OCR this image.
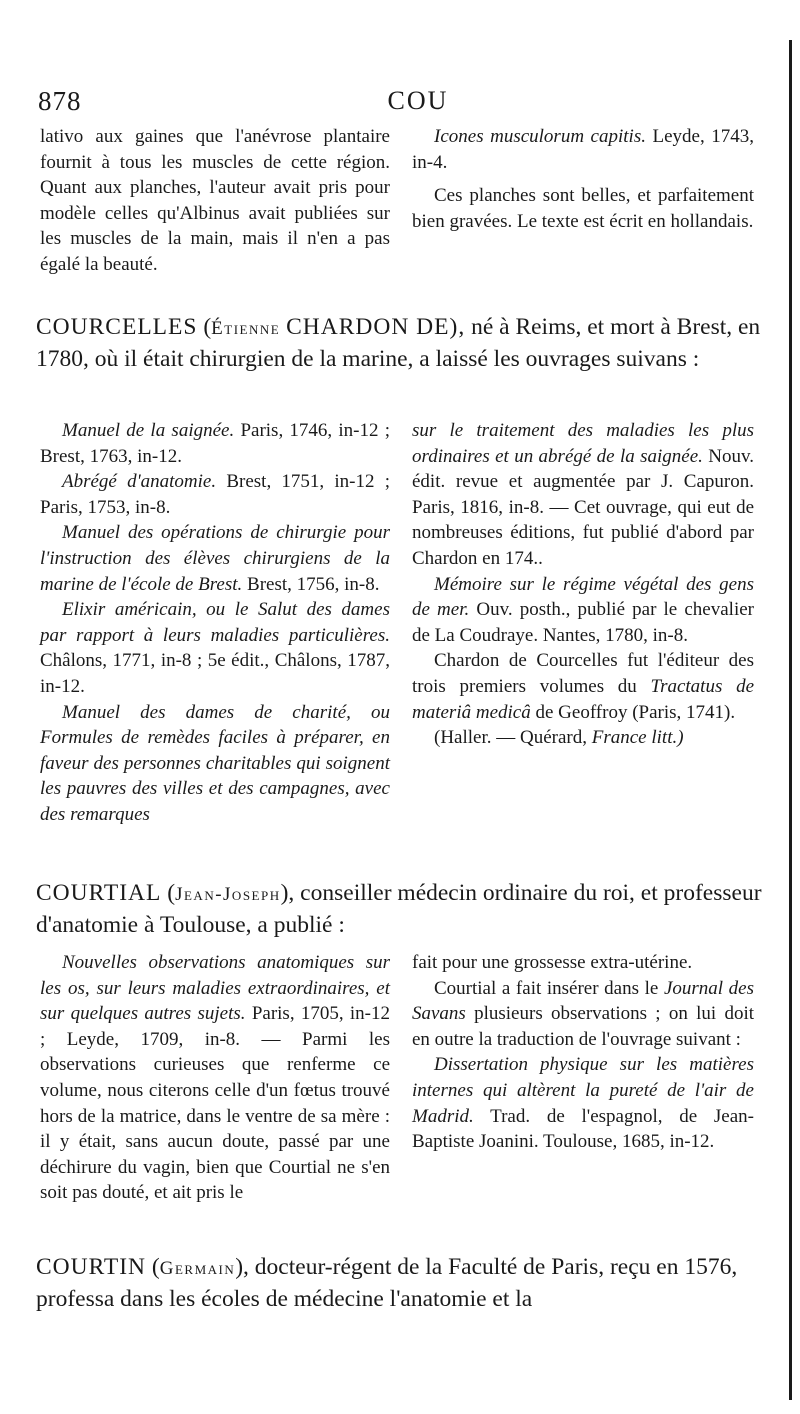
878	COU

lativo aux gaines que l'anévrose plantaire fournit à tous les muscles de cette région. Quant aux planches, l'auteur avait pris pour modèle celles qu'Albinus avait publiées sur les muscles de la main, mais il n'en a pas égalé la beauté.

Icones musculorum capitis. Leyde, 1743, in-4.

Ces planches sont belles, et parfaitement bien gravées. Le texte est écrit en hollandais.

COURCELLES (Étienne CHARDON DE), né à Reims, et mort à Brest, en 1780, où il était chirurgien de la marine, a laissé les ouvrages suivans :

Manuel de la saignée. Paris, 1746, in-12 ; Brest, 1763, in-12.

Abrégé d'anatomie. Brest, 1751, in-12 ; Paris, 1753, in-8.

Manuel des opérations de chirurgie pour l'instruction des élèves chirurgiens de la marine de l'école de Brest. Brest, 1756, in-8.

Elixir américain, ou le Salut des dames par rapport à leurs maladies particulières. Châlons, 1771, in-8 ; 5e édit., Châlons, 1787, in-12.

Manuel des dames de charité, ou Formules de remèdes faciles à préparer, en faveur des personnes charitables qui soignent les pauvres des villes et des campagnes, avec des remarques

sur le traitement des maladies les plus ordinaires et un abrégé de la saignée. Nouv. édit. revue et augmentée par J. Capuron. Paris, 1816, in-8. — Cet ouvrage, qui eut de nombreuses éditions, fut publié d'abord par Chardon en 174..

Mémoire sur le régime végétal des gens de mer. Ouv. posth., publié par le chevalier de La Coudraye. Nantes, 1780, in-8.

Chardon de Courcelles fut l'éditeur des trois premiers volumes du Tractatus de materiâ medicâ de Geoffroy (Paris, 1741).

(Haller. — Quérard, France litt.)

COURTIAL (Jean-Joseph), conseiller médecin ordinaire du roi, et professeur d'anatomie à Toulouse, a publié :

Nouvelles observations anatomiques sur les os, sur leurs maladies extraordinaires, et sur quelques autres sujets. Paris, 1705, in-12 ; Leyde, 1709, in-8. — Parmi les observations curieuses que renferme ce volume, nous citerons celle d'un fœtus trouvé hors de la matrice, dans le ventre de sa mère : il y était, sans aucun doute, passé par une déchirure du vagin, bien que Courtial ne s'en soit pas douté, et ait pris le

fait pour une grossesse extra-utérine.

Courtial a fait insérer dans le Journal des Savans plusieurs observations ; on lui doit en outre la traduction de l'ouvrage suivant :

Dissertation physique sur les matières internes qui altèrent la pureté de l'air de Madrid. Trad. de l'espagnol, de Jean-Baptiste Joanini. Toulouse, 1685, in-12.

COURTIN (Germain), docteur-régent de la Faculté de Paris, reçu en 1576, professa dans les écoles de médecine l'anatomie et la
